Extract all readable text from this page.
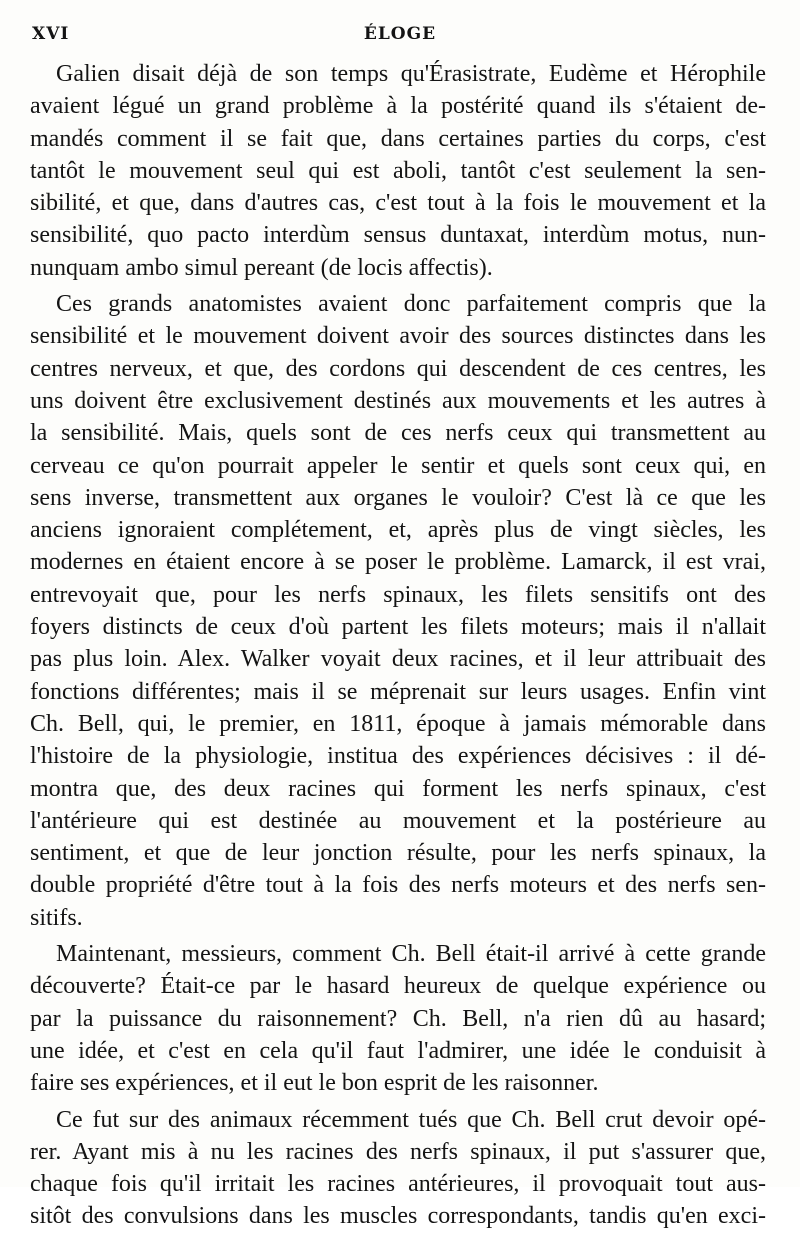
XVI	ÉLOGE
Galien disait déjà de son temps qu'Érasistrate, Eudème et Hérophile
avaient légué un grand problème à la postérité quand ils s'étaient de-
mandés comment il se fait que, dans certaines parties du corps, c'est
tantôt le mouvement seul qui est aboli, tantôt c'est seulement la sen-
sibilité, et que, dans d'autres cas, c'est tout à la fois le mouvement et la
sensibilité, quo pacto interdùm sensus duntaxat, interdùm motus, nun-
nunquam ambo simul pereant (de locis affectis).
Ces grands anatomistes avaient donc parfaitement compris que la
sensibilité et le mouvement doivent avoir des sources distinctes dans les
centres nerveux, et que, des cordons qui descendent de ces centres, les
uns doivent être exclusivement destinés aux mouvements et les autres à
la sensibilité. Mais, quels sont de ces nerfs ceux qui transmettent au
cerveau ce qu'on pourrait appeler le sentir et quels sont ceux qui, en
sens inverse, transmettent aux organes le vouloir? C'est là ce que les
anciens ignoraient complétement, et, après plus de vingt siècles, les
modernes en étaient encore à se poser le problème. Lamarck, il est vrai,
entrevoyait que, pour les nerfs spinaux, les filets sensitifs ont des
foyers distincts de ceux d'où partent les filets moteurs; mais il n'allait
pas plus loin. Alex. Walker voyait deux racines, et il leur attribuait des
fonctions différentes; mais il se méprenait sur leurs usages. Enfin vint
Ch. Bell, qui, le premier, en 1811, époque à jamais mémorable dans
l'histoire de la physiologie, institua des expériences décisives : il dé-
montra que, des deux racines qui forment les nerfs spinaux, c'est
l'antérieure qui est destinée au mouvement et la postérieure au
sentiment, et que de leur jonction résulte, pour les nerfs spinaux, la
double propriété d'être tout à la fois des nerfs moteurs et des nerfs sen-
sitifs.
Maintenant, messieurs, comment Ch. Bell était-il arrivé à cette grande
découverte? Était-ce par le hasard heureux de quelque expérience ou
par la puissance du raisonnement? Ch. Bell, n'a rien dû au hasard;
une idée, et c'est en cela qu'il faut l'admirer, une idée le conduisit à
faire ses expériences, et il eut le bon esprit de les raisonner.
Ce fut sur des animaux récemment tués que Ch. Bell crut devoir opé-
rer. Ayant mis à nu les racines des nerfs spinaux, il put s'assurer que,
chaque fois qu'il irritait les racines antérieures, il provoquait tout aus-
sitôt des convulsions dans les muscles correspondants, tandis qu'en exci-
